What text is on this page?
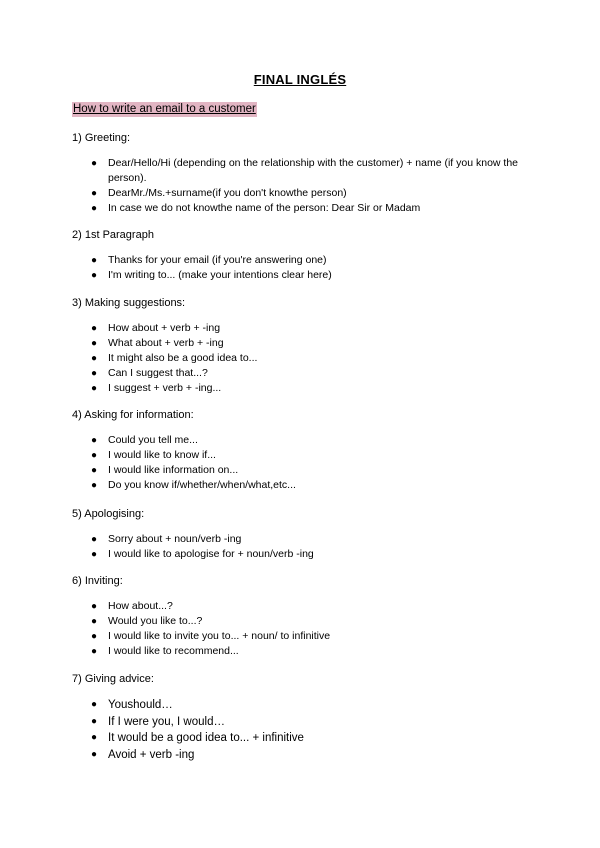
FINAL INGLÉS
How to write an email to a customer

1) Greeting:

● Dear/Hello/Hi (depending on the relationship with the customer) + name (if you know the person).
● DearMr./Ms.+surname(if you don't knowthe person)
● In case we do not knowthe name of the person: Dear Sir or Madam

2) 1st Paragraph

● Thanks for your email (if you're answering one)
● I'm writing to... (make your intentions clear here)

3) Making suggestions:

● How about + verb + -ing
● What about + verb + -ing
● It might also be a good idea to...
● Can I suggest that...?
● I suggest + verb + -ing...

4) Asking for information:

● Could you tell me...
● I would like to know if...
● I would like information on...
● Do you know if/whether/when/what,etc...

5) Apologising:

● Sorry about + noun/verb -ing
● I would like to apologise for + noun/verb -ing

6) Inviting:

● How about...?
● Would you like to...?
● I would like to invite you to... + noun/ to infinitive
● I would like to recommend...

7) Giving advice:

● Youshould…
● If I were you, I would…
● It would be a good idea to... + infinitive
● Avoid + verb -ing
